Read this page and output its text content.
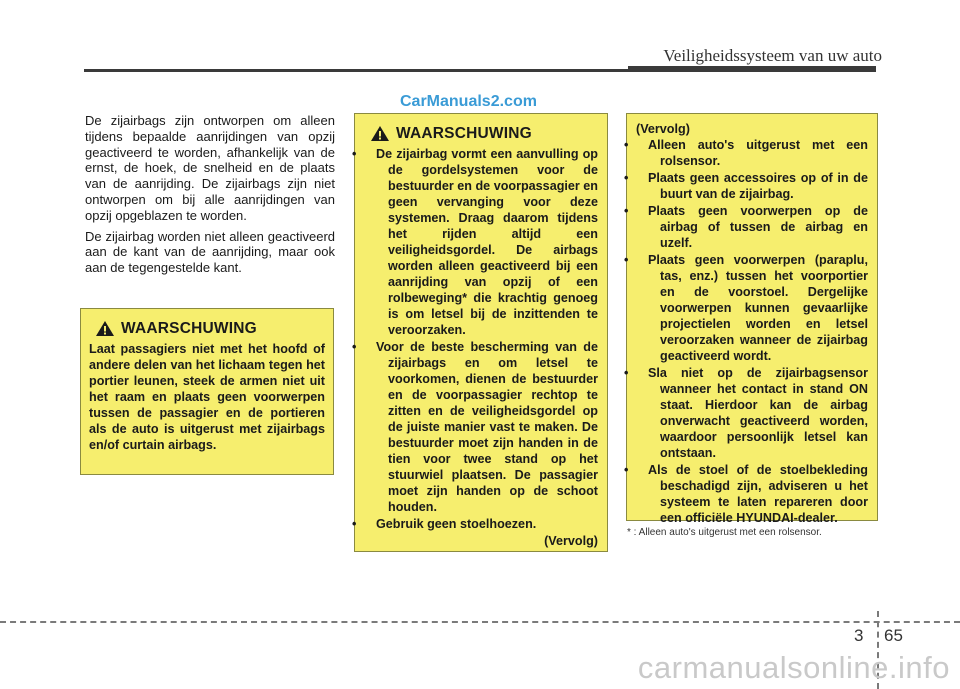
Veiligheidssysteem van uw auto
CarManuals2.com

De zijairbags zijn ontworpen om alleen tijdens bepaalde aanrijdingen van opzij geactiveerd te worden, afhankelijk van de ernst, de hoek, de snelheid en de plaats van de aanrijding. De zijairbags zijn niet ontworpen om bij alle aanrijdingen van opzij opgeblazen te worden.

De zijairbag worden niet alleen geactiveerd aan de kant van de aanrijding, maar ook aan de tegengestelde kant.

WAARSCHUWING
Laat passagiers niet met het hoofd of andere delen van het lichaam tegen het portier leunen, steek de armen niet uit het raam en plaats geen voorwerpen tussen de passagier en de portieren als de auto is uitgerust met zijairbags en/of curtain airbags.
WAARSCHUWING
• De zijairbag vormt een aanvulling op de gordelsystemen voor de bestuurder en de voorpassagier en geen vervanging voor deze systemen. Draag daarom tijdens het rijden altijd een veiligheidsgordel. De airbags worden alleen geactiveerd bij een aanrijding van opzij of een rolbeweging* die krachtig genoeg is om letsel bij de inzittenden te veroorzaken.
• Voor de beste bescherming van de zijairbags en om letsel te voorkomen, dienen de bestuurder en de voorpassagier rechtop te zitten en de veiligheidsgordel op de juiste manier vast te maken. De bestuurder moet zijn handen in de tien voor twee stand op het stuurwiel plaatsen. De passagier moet zijn handen op de schoot houden.
• Gebruik geen stoelhoezen.
(Vervolg)
(Vervolg)
• Alleen auto's uitgerust met een rolsensor.
• Plaats geen accessoires op of in de buurt van de zijairbag.
• Plaats geen voorwerpen op de airbag of tussen de airbag en uzelf.
• Plaats geen voorwerpen (paraplu, tas, enz.) tussen het voorportier en de voorstoel. Dergelijke voorwerpen kunnen gevaarlijke projectielen worden en letsel veroorzaken wanneer de zijairbag geactiveerd wordt.
• Sla niet op de zijairbagsensor wanneer het contact in stand ON staat. Hierdoor kan de airbag onverwacht geactiveerd worden, waardoor persoonlijk letsel kan ontstaan.
• Als de stoel of de stoelbekleding beschadigd zijn, adviseren u het systeem te laten repareren door een officiële HYUNDAI-dealer.
* : Alleen auto's uitgerust met een rolsensor.
3 65
carmanualsonline.info
